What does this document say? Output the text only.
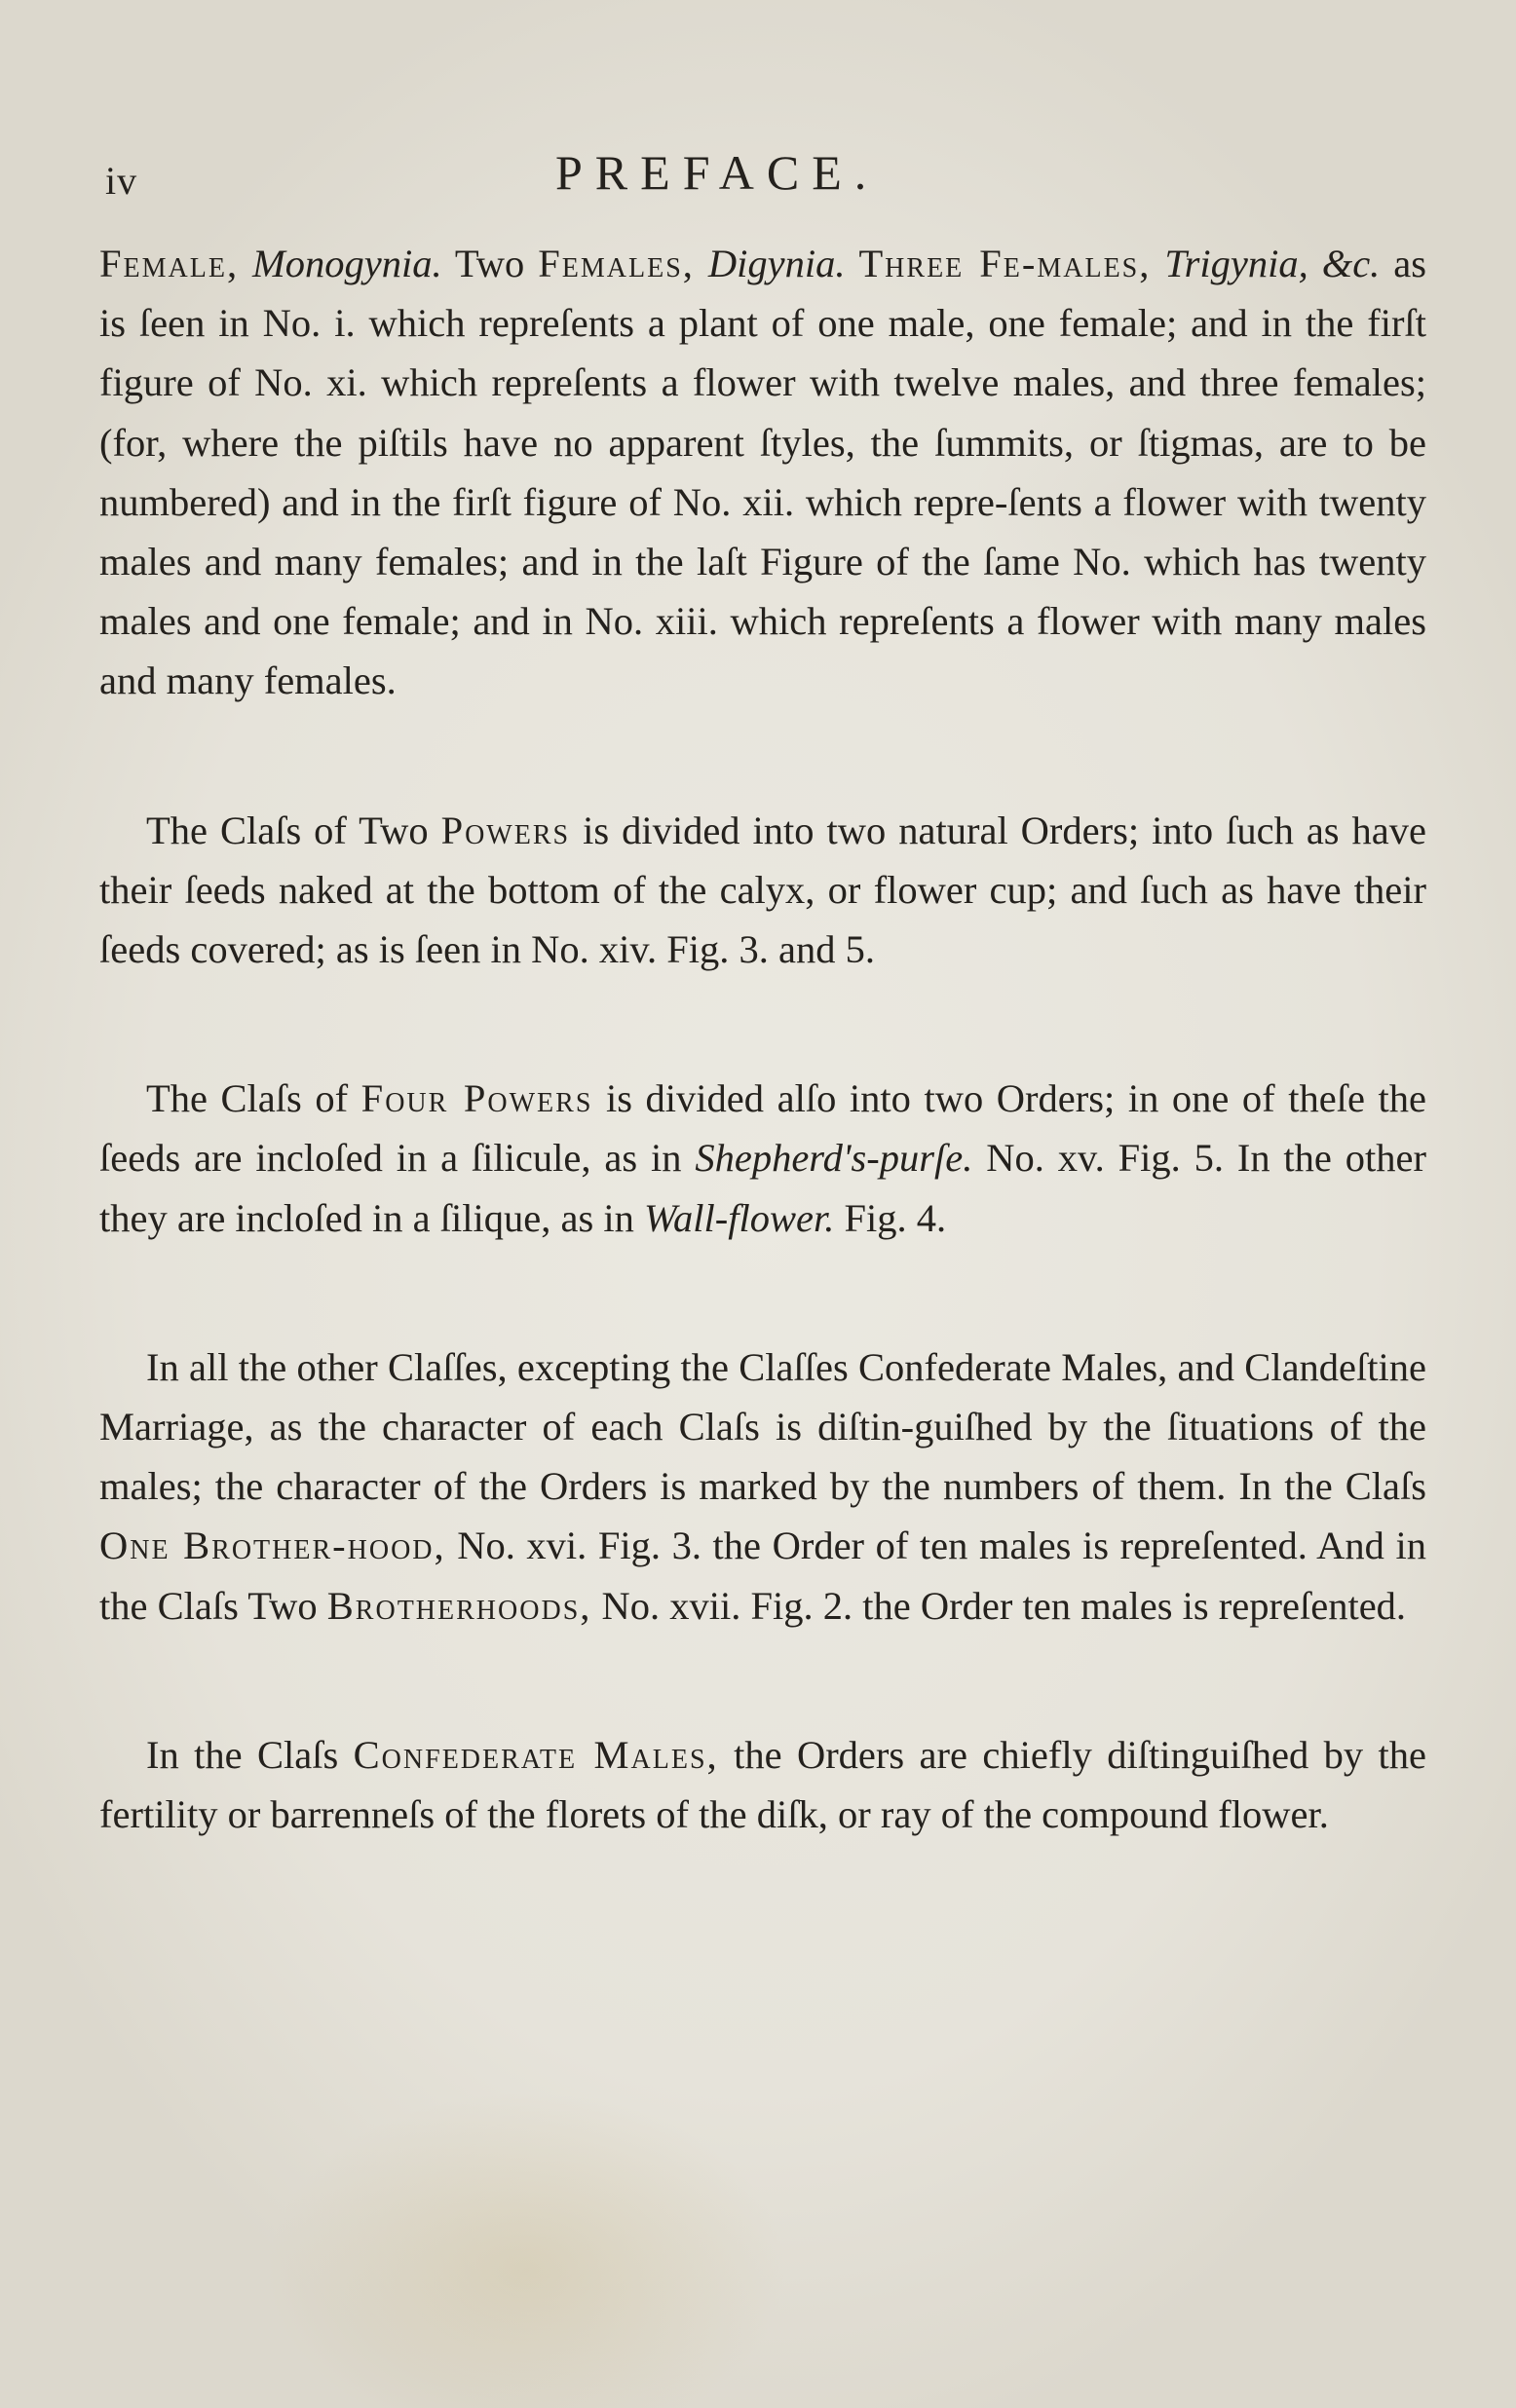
iv	PREFACE.

Female, Monogynia. Two Females, Digynia. Three Fe-males, Trigynia, &c. as is ſeen in No. i. which repreſents a plant of one male, one female; and in the firſt figure of No. xi. which repreſents a flower with twelve males, and three females; (for, where the piſtils have no apparent ſtyles, the ſummits, or ſtigmas, are to be numbered) and in the firſt figure of No. xii. which repre-ſents a flower with twenty males and many females; and in the laſt Figure of the ſame No. which has twenty males and one female; and in No. xiii. which repreſents a flower with many males and many females.

The Claſs of Two Powers is divided into two natural Orders; into ſuch as have their ſeeds naked at the bottom of the calyx, or flower cup; and ſuch as have their ſeeds covered; as is ſeen in No. xiv. Fig. 3. and 5.

The Claſs of Four Powers is divided alſo into two Orders; in one of theſe the ſeeds are incloſed in a ſilicule, as in Shepherd's-purſe. No. xv. Fig. 5. In the other they are incloſed in a ſilique, as in Wall-flower. Fig. 4.

In all the other Claſſes, excepting the Claſſes Confederate Males, and Clandeſtine Marriage, as the character of each Claſs is diſtin-guiſhed by the ſituations of the males; the character of the Orders is marked by the numbers of them. In the Claſs One Brother-hood, No. xvi. Fig. 3. the Order of ten males is repreſented. And in the Claſs Two Brotherhoods, No. xvii. Fig. 2. the Order ten males is repreſented.

In the Claſs Confederate Males, the Orders are chiefly diſtinguiſhed by the fertility or barrenneſs of the florets of the diſk, or ray of the compound flower.
